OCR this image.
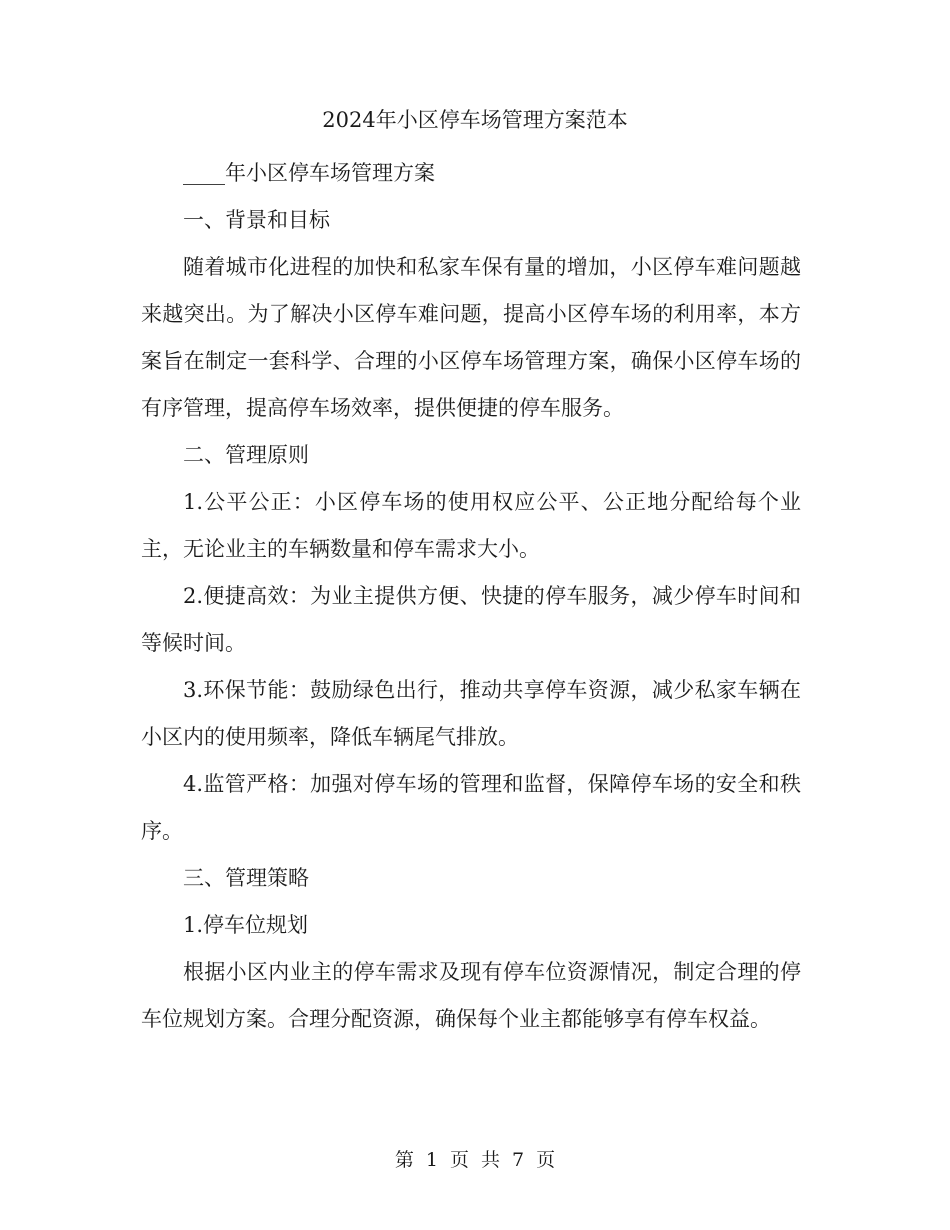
2024年小区停车场管理方案范本

____年小区停车场管理方案

一、背景和目标

随着城市化进程的加快和私家车保有量的增加，小区停车难问题越来越突出。为了解决小区停车难问题，提高小区停车场的利用率，本方案旨在制定一套科学、合理的小区停车场管理方案，确保小区停车场的有序管理，提高停车场效率，提供便捷的停车服务。

二、管理原则

1.公平公正：小区停车场的使用权应公平、公正地分配给每个业主，无论业主的车辆数量和停车需求大小。

2.便捷高效：为业主提供方便、快捷的停车服务，减少停车时间和等候时间。

3.环保节能：鼓励绿色出行，推动共享停车资源，减少私家车辆在小区内的使用频率，降低车辆尾气排放。

4.监管严格：加强对停车场的管理和监督，保障停车场的安全和秩序。

三、管理策略

1.停车位规划

根据小区内业主的停车需求及现有停车位资源情况，制定合理的停车位规划方案。合理分配资源，确保每个业主都能够享有停车权益。

第 1 页 共 7 页
